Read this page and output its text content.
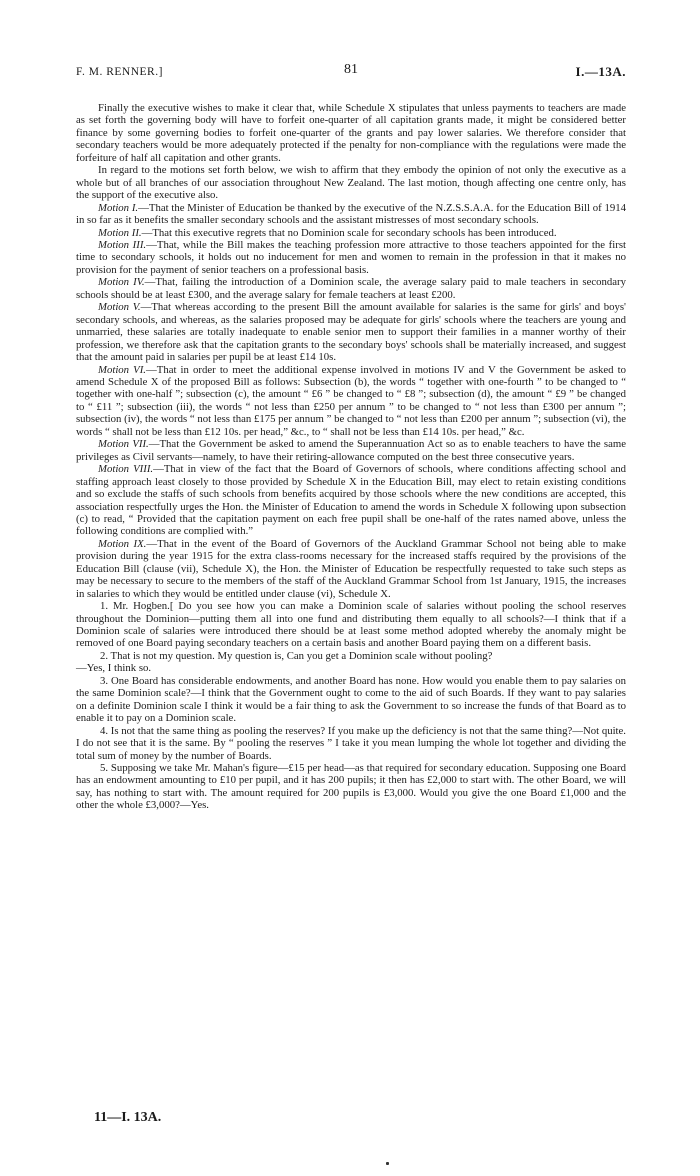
F. M. RENNER.]	81	I.—13A.

Finally the executive wishes to make it clear that, while Schedule X stipulates that unless payments to teachers are made as set forth the governing body will have to forfeit one-quarter of all capitation grants made, it might be considered better finance by some governing bodies to forfeit one-quarter of the grants and pay lower salaries. We therefore consider that secondary teachers would be more adequately protected if the penalty for non-compliance with the regulations were made the forfeiture of half all capitation and other grants.

In regard to the motions set forth below, we wish to affirm that they embody the opinion of not only the executive as a whole but of all branches of our association throughout New Zealand. The last motion, though affecting one centre only, has the support of the executive also.

Motion I.—That the Minister of Education be thanked by the executive of the N.Z.S.S.A.A. for the Education Bill of 1914 in so far as it benefits the smaller secondary schools and the assistant mistresses of most secondary schools.

Motion II.—That this executive regrets that no Dominion scale for secondary schools has been introduced.

Motion III.—That, while the Bill makes the teaching profession more attractive to those teachers appointed for the first time to secondary schools, it holds out no inducement for men and women to remain in the profession in that it makes no provision for the payment of senior teachers on a professional basis.

Motion IV.—That, failing the introduction of a Dominion scale, the average salary paid to male teachers in secondary schools should be at least £300, and the average salary for female teachers at least £200.

Motion V.—That whereas according to the present Bill the amount available for salaries is the same for girls' and boys' secondary schools, and whereas, as the salaries proposed may be adequate for girls' schools where the teachers are young and unmarried, these salaries are totally inadequate to enable senior men to support their families in a manner worthy of their profession, we therefore ask that the capitation grants to the secondary boys' schools shall be materially increased, and suggest that the amount paid in salaries per pupil be at least £14 10s.

Motion VI.—That in order to meet the additional expense involved in motions IV and V the Government be asked to amend Schedule X of the proposed Bill as follows: Subsection (b), the words “ together with one-fourth ” to be changed to “ together with one-half ”; subsection (c), the amount “ £6 ” be changed to “ £8 ”; subsection (d), the amount “ £9 ” be changed to “ £11 ”; subsection (iii), the words “ not less than £250 per annum ” to be changed to “ not less than £300 per annum ”; subsection (iv), the words “ not less than £175 per annum ” be changed to “ not less than £200 per annum ”; subsection (vi), the words “ shall not be less than £12 10s. per head,” &c., to “ shall not be less than £14 10s. per head,” &c.

Motion VII.—That the Government be asked to amend the Superannuation Act so as to enable teachers to have the same privileges as Civil servants—namely, to have their retiring-allowance computed on the best three consecutive years.

Motion VIII.—That in view of the fact that the Board of Governors of schools, where conditions affecting school and staffing approach least closely to those provided by Schedule X in the Education Bill, may elect to retain existing conditions and so exclude the staffs of such schools from benefits acquired by those schools where the new conditions are accepted, this association respectfully urges the Hon. the Minister of Education to amend the words in Schedule X following upon subsection (c) to read, “ Provided that the capitation payment on each free pupil shall be one-half of the rates named above, unless the following conditions are complied with.”

Motion IX.—That in the event of the Board of Governors of the Auckland Grammar School not being able to make provision during the year 1915 for the extra class-rooms necessary for the increased staffs required by the provisions of the Education Bill (clause (vii), Schedule X), the Hon. the Minister of Education be respectfully requested to take such steps as may be necessary to secure to the members of the staff of the Auckland Grammar School from 1st January, 1915, the increases in salaries to which they would be entitled under clause (vi), Schedule X.

1. Mr. Hogben.[ Do you see how you can make a Dominion scale of salaries without pooling the school reserves throughout the Dominion—putting them all into one fund and distributing them equally to all schools?—I think that if a Dominion scale of salaries were introduced there should be at least some method adopted whereby the anomaly might be removed of one Board paying secondary teachers on a certain basis and another Board paying them on a different basis.

2. That is not my question. My question is, Can you get a Dominion scale without pooling?

—Yes, I think so.

3. One Board has considerable endowments, and another Board has none. How would you enable them to pay salaries on the same Dominion scale?—I think that the Government ought to come to the aid of such Boards. If they want to pay salaries on a definite Dominion scale I think it would be a fair thing to ask the Government to so increase the funds of that Board as to enable it to pay on a Dominion scale.

4. Is not that the same thing as pooling the reserves? If you make up the deficiency is not that the same thing?—Not quite. I do not see that it is the same. By “ pooling the reserves ” I take it you mean lumping the whole lot together and dividing the total sum of money by the number of Boards.

5. Supposing we take Mr. Mahan's figure—£15 per head—as that required for secondary education. Supposing one Board has an endowment amounting to £10 per pupil, and it has 200 pupils; it then has £2,000 to start with. The other Board, we will say, has nothing to start with. The amount required for 200 pupils is £3,000. Would you give the one Board £1,000 and the other the whole £3,000?—Yes.

11—I. 13A.
